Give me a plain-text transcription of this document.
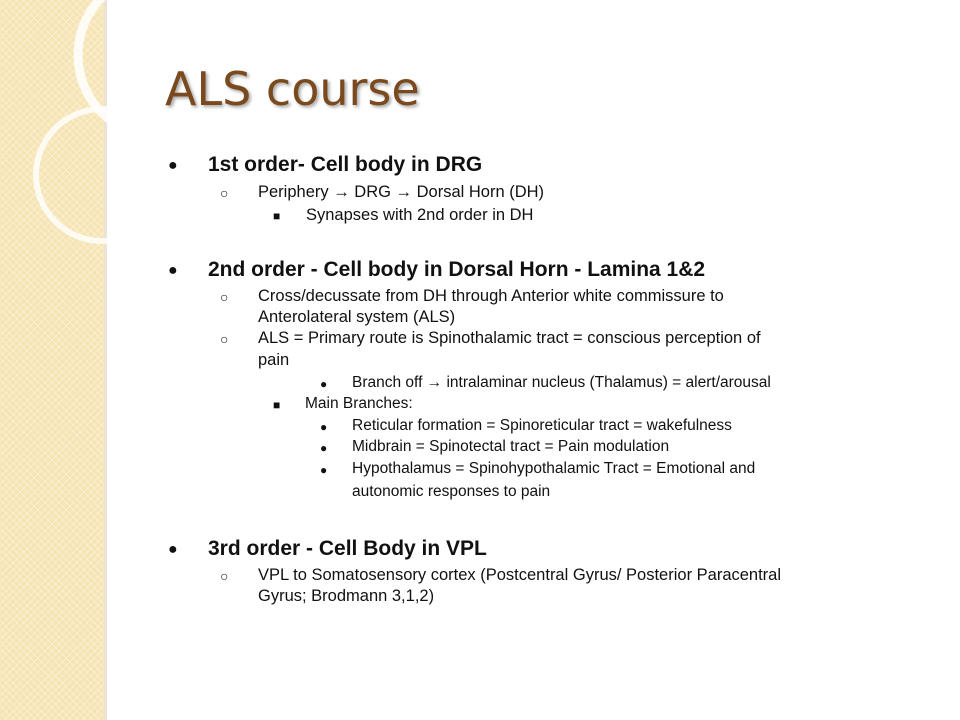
ALS course
● 1st order- Cell body in DRG

○ Periphery → DRG → Dorsal Horn (DH)

■ Synapses with 2nd order in DH

● 2nd order - Cell body in Dorsal Horn - Lamina 1&2

○ Cross/decussate from DH through Anterior white commissure to

Anterolateral system (ALS)

○ ALS = Primary route is Spinothalamic tract = conscious perception of

pain

● Branch off → intralaminar nucleus (Thalamus) = alert/arousal

■ Main Branches:

● Reticular formation = Spinoreticular tract = wakefulness

● Midbrain = Spinotectal tract = Pain modulation

● Hypothalamus = Spinohypothalamic Tract = Emotional and

autonomic responses to pain

● 3rd order - Cell Body in VPL

○ VPL to Somatosensory cortex (Postcentral Gyrus/ Posterior Paracentral

Gyrus; Brodmann 3,1,2)
